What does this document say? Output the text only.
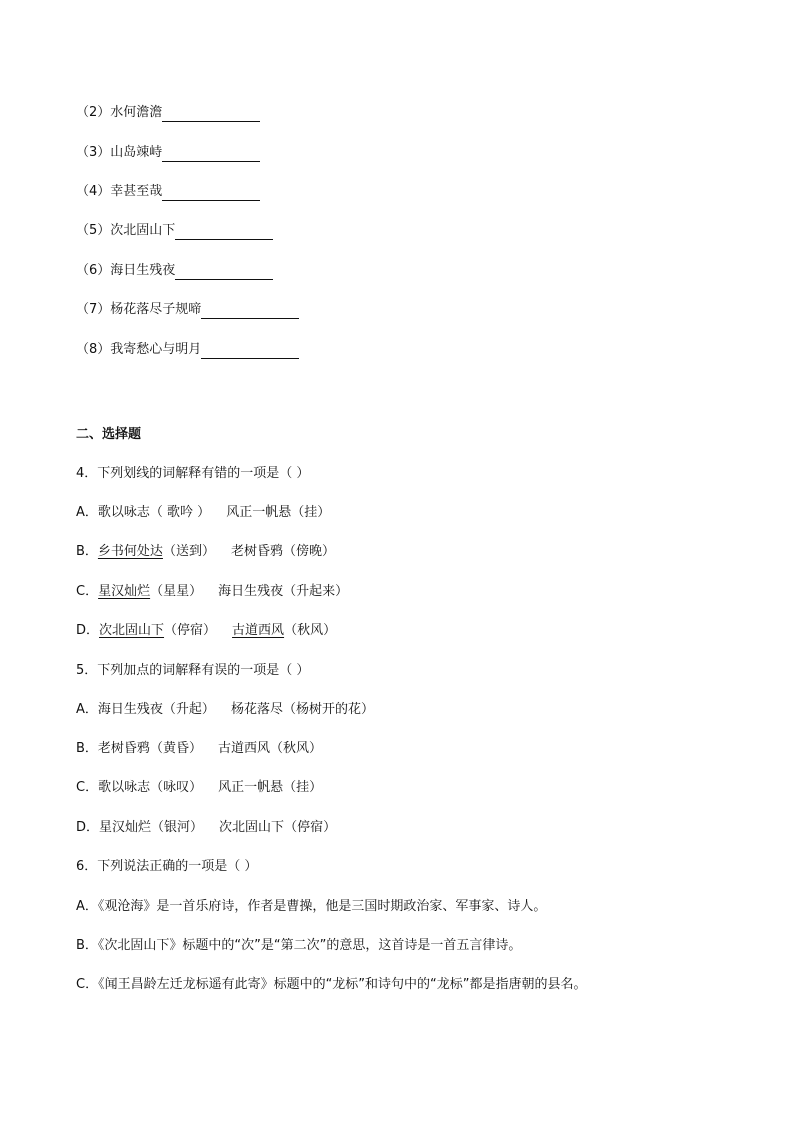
（2）水何澹澹
（3）山岛竦峙
（4）幸甚至哉
（5）次北固山下
（6）海日生残夜
（7）杨花落尽子规啼
（8）我寄愁心与明月
二、选择题
4．下列划线的词解释有错的一项是（ ）
A．歌以咏志（ 歌吟 ） 风正一帆悬（挂）
B．乡书何处达（送到） 老树昏鸦（傍晚）
C．星汉灿烂（星星） 海日生残夜（升起来）
D．次北固山下（停宿） 古道西风（秋风）
5．下列加点的词解释有误的一项是（ ）
A．海日生残夜（升起） 杨花落尽（杨树开的花）
B．老树昏鸦（黄昏） 古道西风（秋风）
C．歌以咏志（咏叹） 风正一帆悬（挂）
D．星汉灿烂（银河） 次北固山下（停宿）
6．下列说法正确的一项是（ ）
A．《观沧海》是一首乐府诗，作者是曹操，他是三国时期政治家、军事家、诗人。
B．《次北固山下》标题中的“次”是“第二次”的意思，这首诗是一首五言律诗。
C．《闻王昌龄左迁龙标遥有此寄》标题中的“龙标”和诗句中的“龙标”都是指唐朝的县名。
